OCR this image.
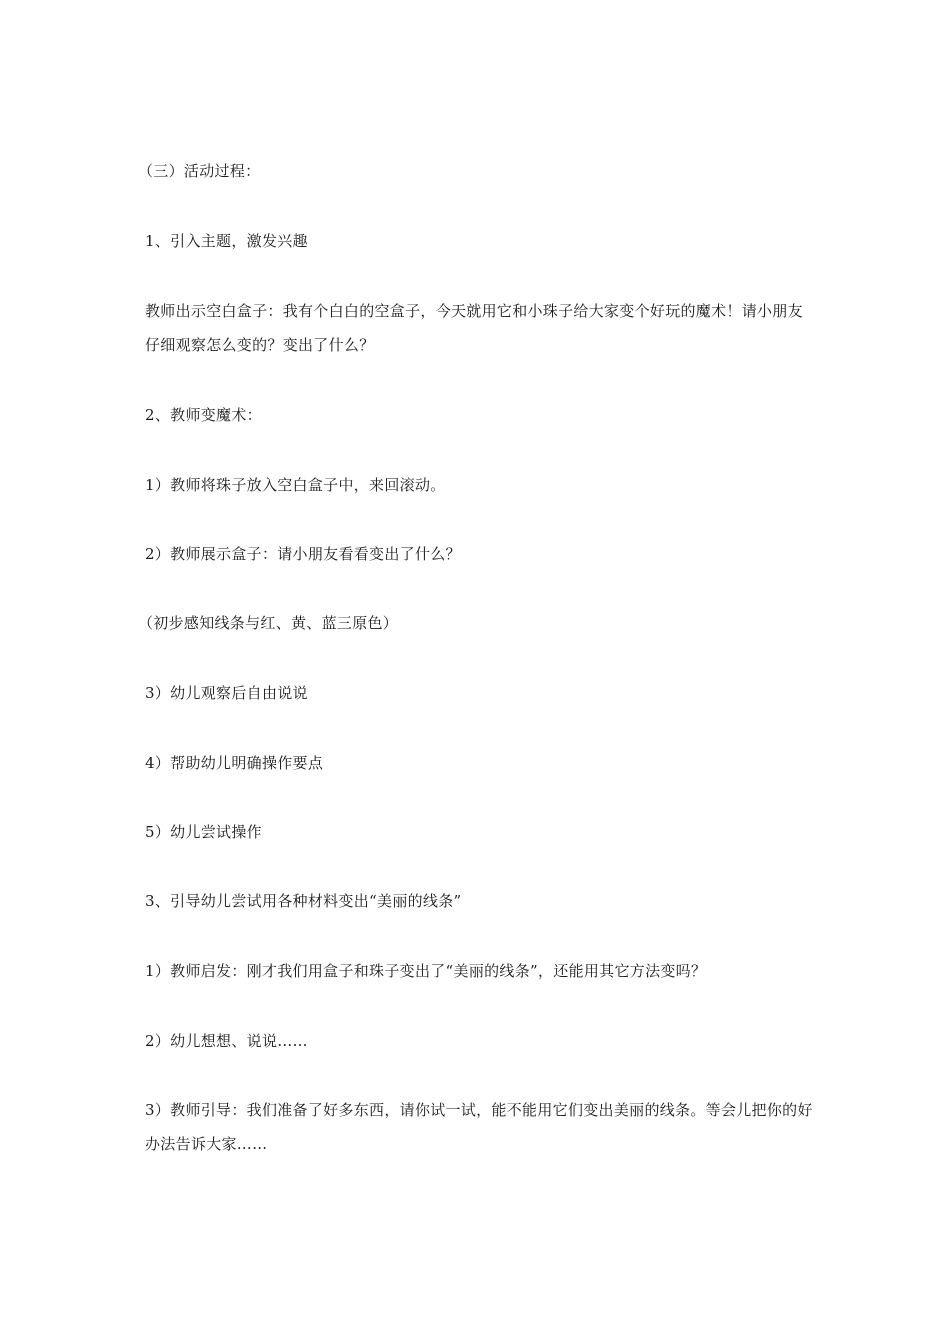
（三）活动过程：

1、引入主题，激发兴趣

教师出示空白盒子：我有个白白的空盒子，今天就用它和小珠子给大家变个好玩的魔术！请小朋友仔细观察怎么变的？变出了什么？

2、教师变魔术：

1）教师将珠子放入空白盒子中，来回滚动。

2）教师展示盒子：请小朋友看看变出了什么？

（初步感知线条与红、黄、蓝三原色）

3）幼儿观察后自由说说

4）帮助幼儿明确操作要点

5）幼儿尝试操作

3、引导幼儿尝试用各种材料变出“美丽的线条”

1）教师启发：刚才我们用盒子和珠子变出了“美丽的线条”，还能用其它方法变吗？

2）幼儿想想、说说……

3）教师引导：我们准备了好多东西，请你试一试，能不能用它们变出美丽的线条。等会儿把你的好办法告诉大家……
